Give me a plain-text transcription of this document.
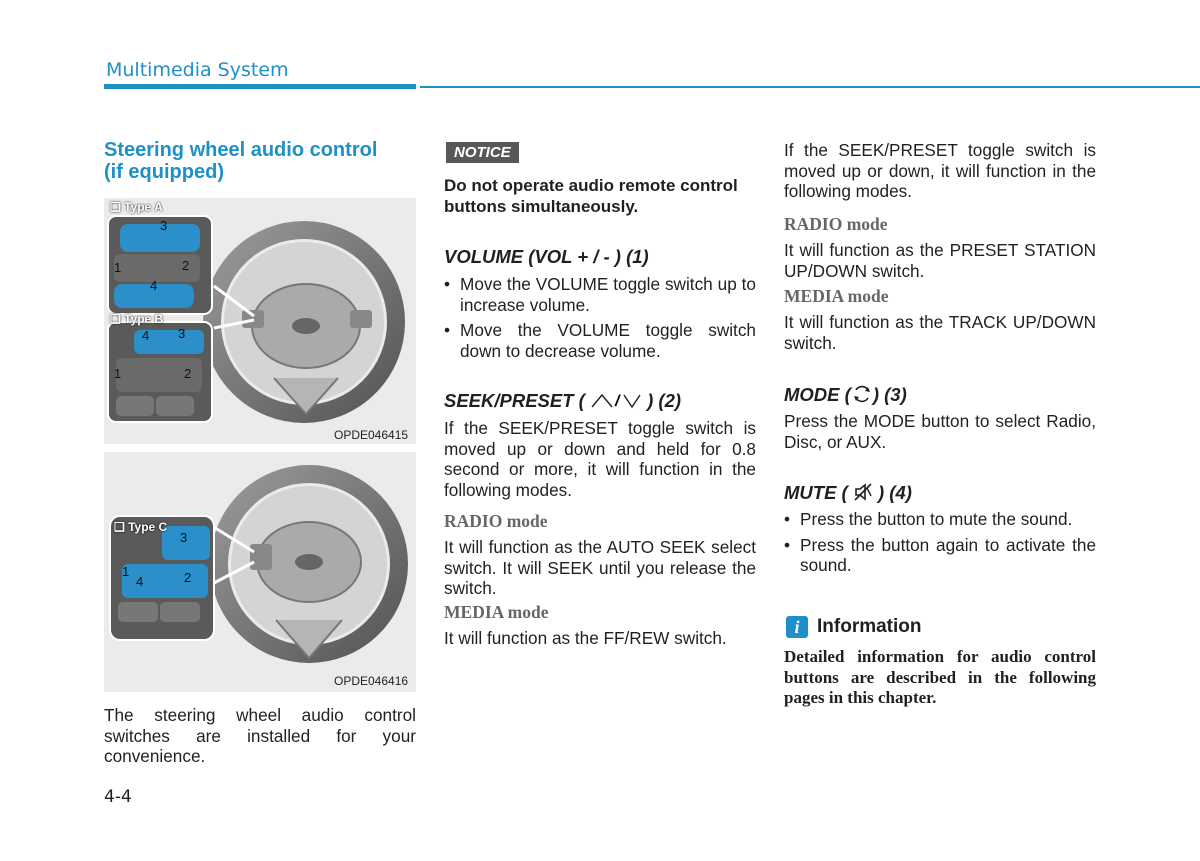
Multimedia System
Steering wheel audio control
(if equipped)
❑ Type A
❑ Type B
3
1	2
4
4 3
1	2
OPDE046415
❑ Type C
3
1
4	2
OPDE046416
The steering wheel audio control switches are installed for your convenience.
NOTICE
Do not operate audio remote control buttons simultaneously.
VOLUME (VOL + / - ) (1)
• Move the VOLUME toggle switch up to increase volume.
• Move the VOLUME toggle switch down to decrease volume.
SEEK/PRESET ( / ) (2)
If the SEEK/PRESET toggle switch is moved up or down and held for 0.8 second or more, it will function in the following modes.
RADIO mode
It will function as the AUTO SEEK select switch. It will SEEK until you release the switch.
MEDIA mode
It will function as the FF/REW switch.
If the SEEK/PRESET toggle switch is moved up or down, it will function in the following modes.
RADIO mode
It will function as the PRESET STATION UP/DOWN switch.
MEDIA mode
It will function as the TRACK UP/DOWN switch.
MODE ( ) (3)
Press the MODE button to select Radio, Disc, or AUX.
MUTE (  ) (4)
• Press the button to mute the sound.
• Press the button again to activate the sound.
i Information
Detailed information for audio control buttons are described in the following pages in this chapter.
4-4
